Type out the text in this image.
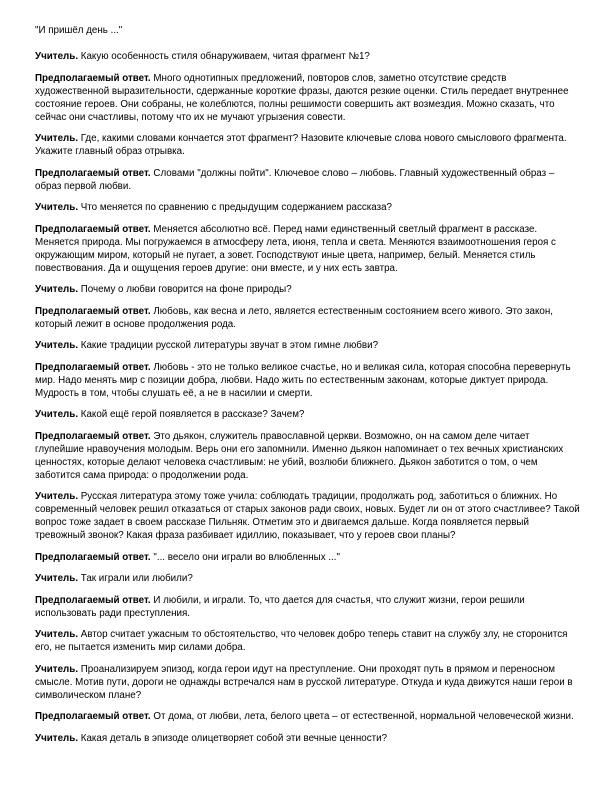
"И пришёл день ..."
Учитель. Какую особенность стиля обнаруживаем, читая фрагмент №1?
Предполагаемый ответ. Много однотипных предложений, повторов слов, заметно отсутствие средств художественной выразительности, сдержанные короткие фразы, даются резкие оценки. Стиль передает внутреннее состояние героев. Они собраны, не колеблются, полны решимости совершить акт возмездия. Можно сказать, что сейчас они счастливы, потому что их не мучают угрызения совести.
Учитель. Где, какими словами кончается этот фрагмент? Назовите ключевые слова нового смыслового фрагмента. Укажите главный образ отрывка.
Предполагаемый ответ. Словами "должны пойти". Ключевое слово – любовь. Главный художественный образ – образ первой любви.
Учитель. Что меняется по сравнению с предыдущим содержанием рассказа?
Предполагаемый ответ. Меняется абсолютно всё. Перед нами единственный светлый фрагмент в рассказе. Меняется природа. Мы погружаемся в атмосферу лета, июня, тепла и света. Меняются взаимоотношения героя с окружающим миром, который не пугает, а зовет. Господствуют иные цвета, например, белый. Меняется стиль повествования. Да и ощущения героев другие: они вместе, и у них есть завтра.
Учитель. Почему о любви говорится на фоне природы?
Предполагаемый ответ. Любовь, как весна и лето, является естественным состоянием всего живого. Это закон, который лежит в основе продолжения рода.
Учитель. Какие традиции русской литературы звучат в этом гимне любви?
Предполагаемый ответ. Любовь - это не только великое счастье, но и великая сила, которая способна перевернуть мир. Надо менять мир с позиции добра, любви. Надо жить по естественным законам, которые диктует природа. Мудрость в том, чтобы слушать её, а не в насилии и смерти.
Учитель. Какой ещё герой появляется в рассказе? Зачем?
Предполагаемый ответ. Это дьякон, служитель православной церкви. Возможно, он на самом деле читает глупейшие нравоучения молодым. Верь они его запомнили. Именно дьякон напоминает о тех вечных христианских ценностях, которые делают человека счастливым: не убий, возлюби ближнего. Дьякон заботится о том, о чем заботится сама природа: о продолжении рода.
Учитель. Русская литература этому тоже учила: соблюдать традиции, продолжать род, заботиться о ближних. Но современный человек решил отказаться от старых законов ради своих, новых. Будет ли он от этого счастливее? Такой вопрос тоже задает в своем рассказе Пильняк. Отметим это и двигаемся дальше. Когда появляется первый тревожный звонок? Какая фраза разбивает идиллию, показывает, что у героев свои планы?
Предполагаемый ответ. "... весело они играли во влюбленных ..."
Учитель. Так играли или любили?
Предполагаемый ответ. И любили, и играли. То, что дается для счастья, что служит жизни, герои решили использовать ради преступления.
Учитель. Автор считает ужасным то обстоятельство, что человек добро теперь ставит на службу злу, не сторонится его, не пытается изменить мир силами добра.
Учитель. Проанализируем эпизод, когда герои идут на преступление. Они проходят путь в прямом и переносном смысле. Мотив пути, дороги не однажды встречался нам в русской литературе. Откуда и куда движутся наши герои в символическом плане?
Предполагаемый ответ. От дома, от любви, лета, белого цвета – от естественной, нормальной человеческой жизни.
Учитель. Какая деталь в эпизоде олицетворяет собой эти вечные ценности?
